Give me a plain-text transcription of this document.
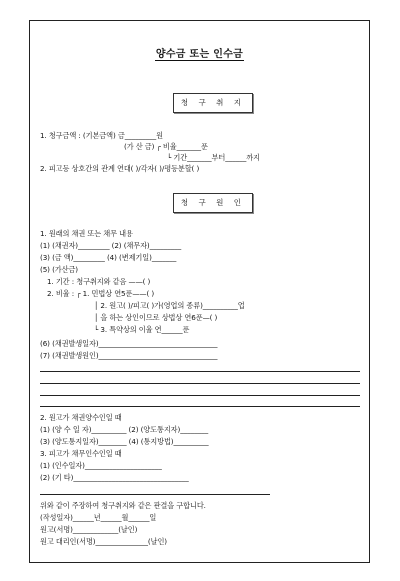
양수금 또는 인수금
청 구 취 지
1. 청구금액 : (기본금액) 금_________원
(가 산 금) ┌ 비율_______푼
└ 기간_______부터______까지
2. 피고등 상호간의 관계 연대( )/각자( )/평등분할( )
청 구 원 인
1. 원래의 채권 또는 채무 내용
(1) (채권자)_________ (2) (채무자)_________
(3) (금 액)_________ (4) (변제기일)_______
(5) (가산금)
1. 기간 : 청구취지와 같음 ——( )
2. 비율 : ┌ 1. 민법상 연5푼——( )
│ 2. 원고( )/피고( )가(영업의 종류)__________업
│ 을 하는 상인이므로 상법상 연6푼—( )
└ 3. 특약상의 이율 연______푼
(6) (채권발생일자)__________________________________
(7) (채권발생원인)__________________________________
2. 원고가 채권양수인일 때
(1) (양 수 일 자)__________ (2) (양도통지자)________
(3) (양도통지일자)________ (4) (통지방법)__________
3. 피고가 채무인수인일 때
(1) (인수일자)______________________
(2) (기 타)_________________________________
위와 같이 주장하여 청구취지와 같은 판결을 구합니다.
(작성일자)______년______월______일
원고(서명)_____________(날인)
원고 대리인(서명)_______________(날인)
